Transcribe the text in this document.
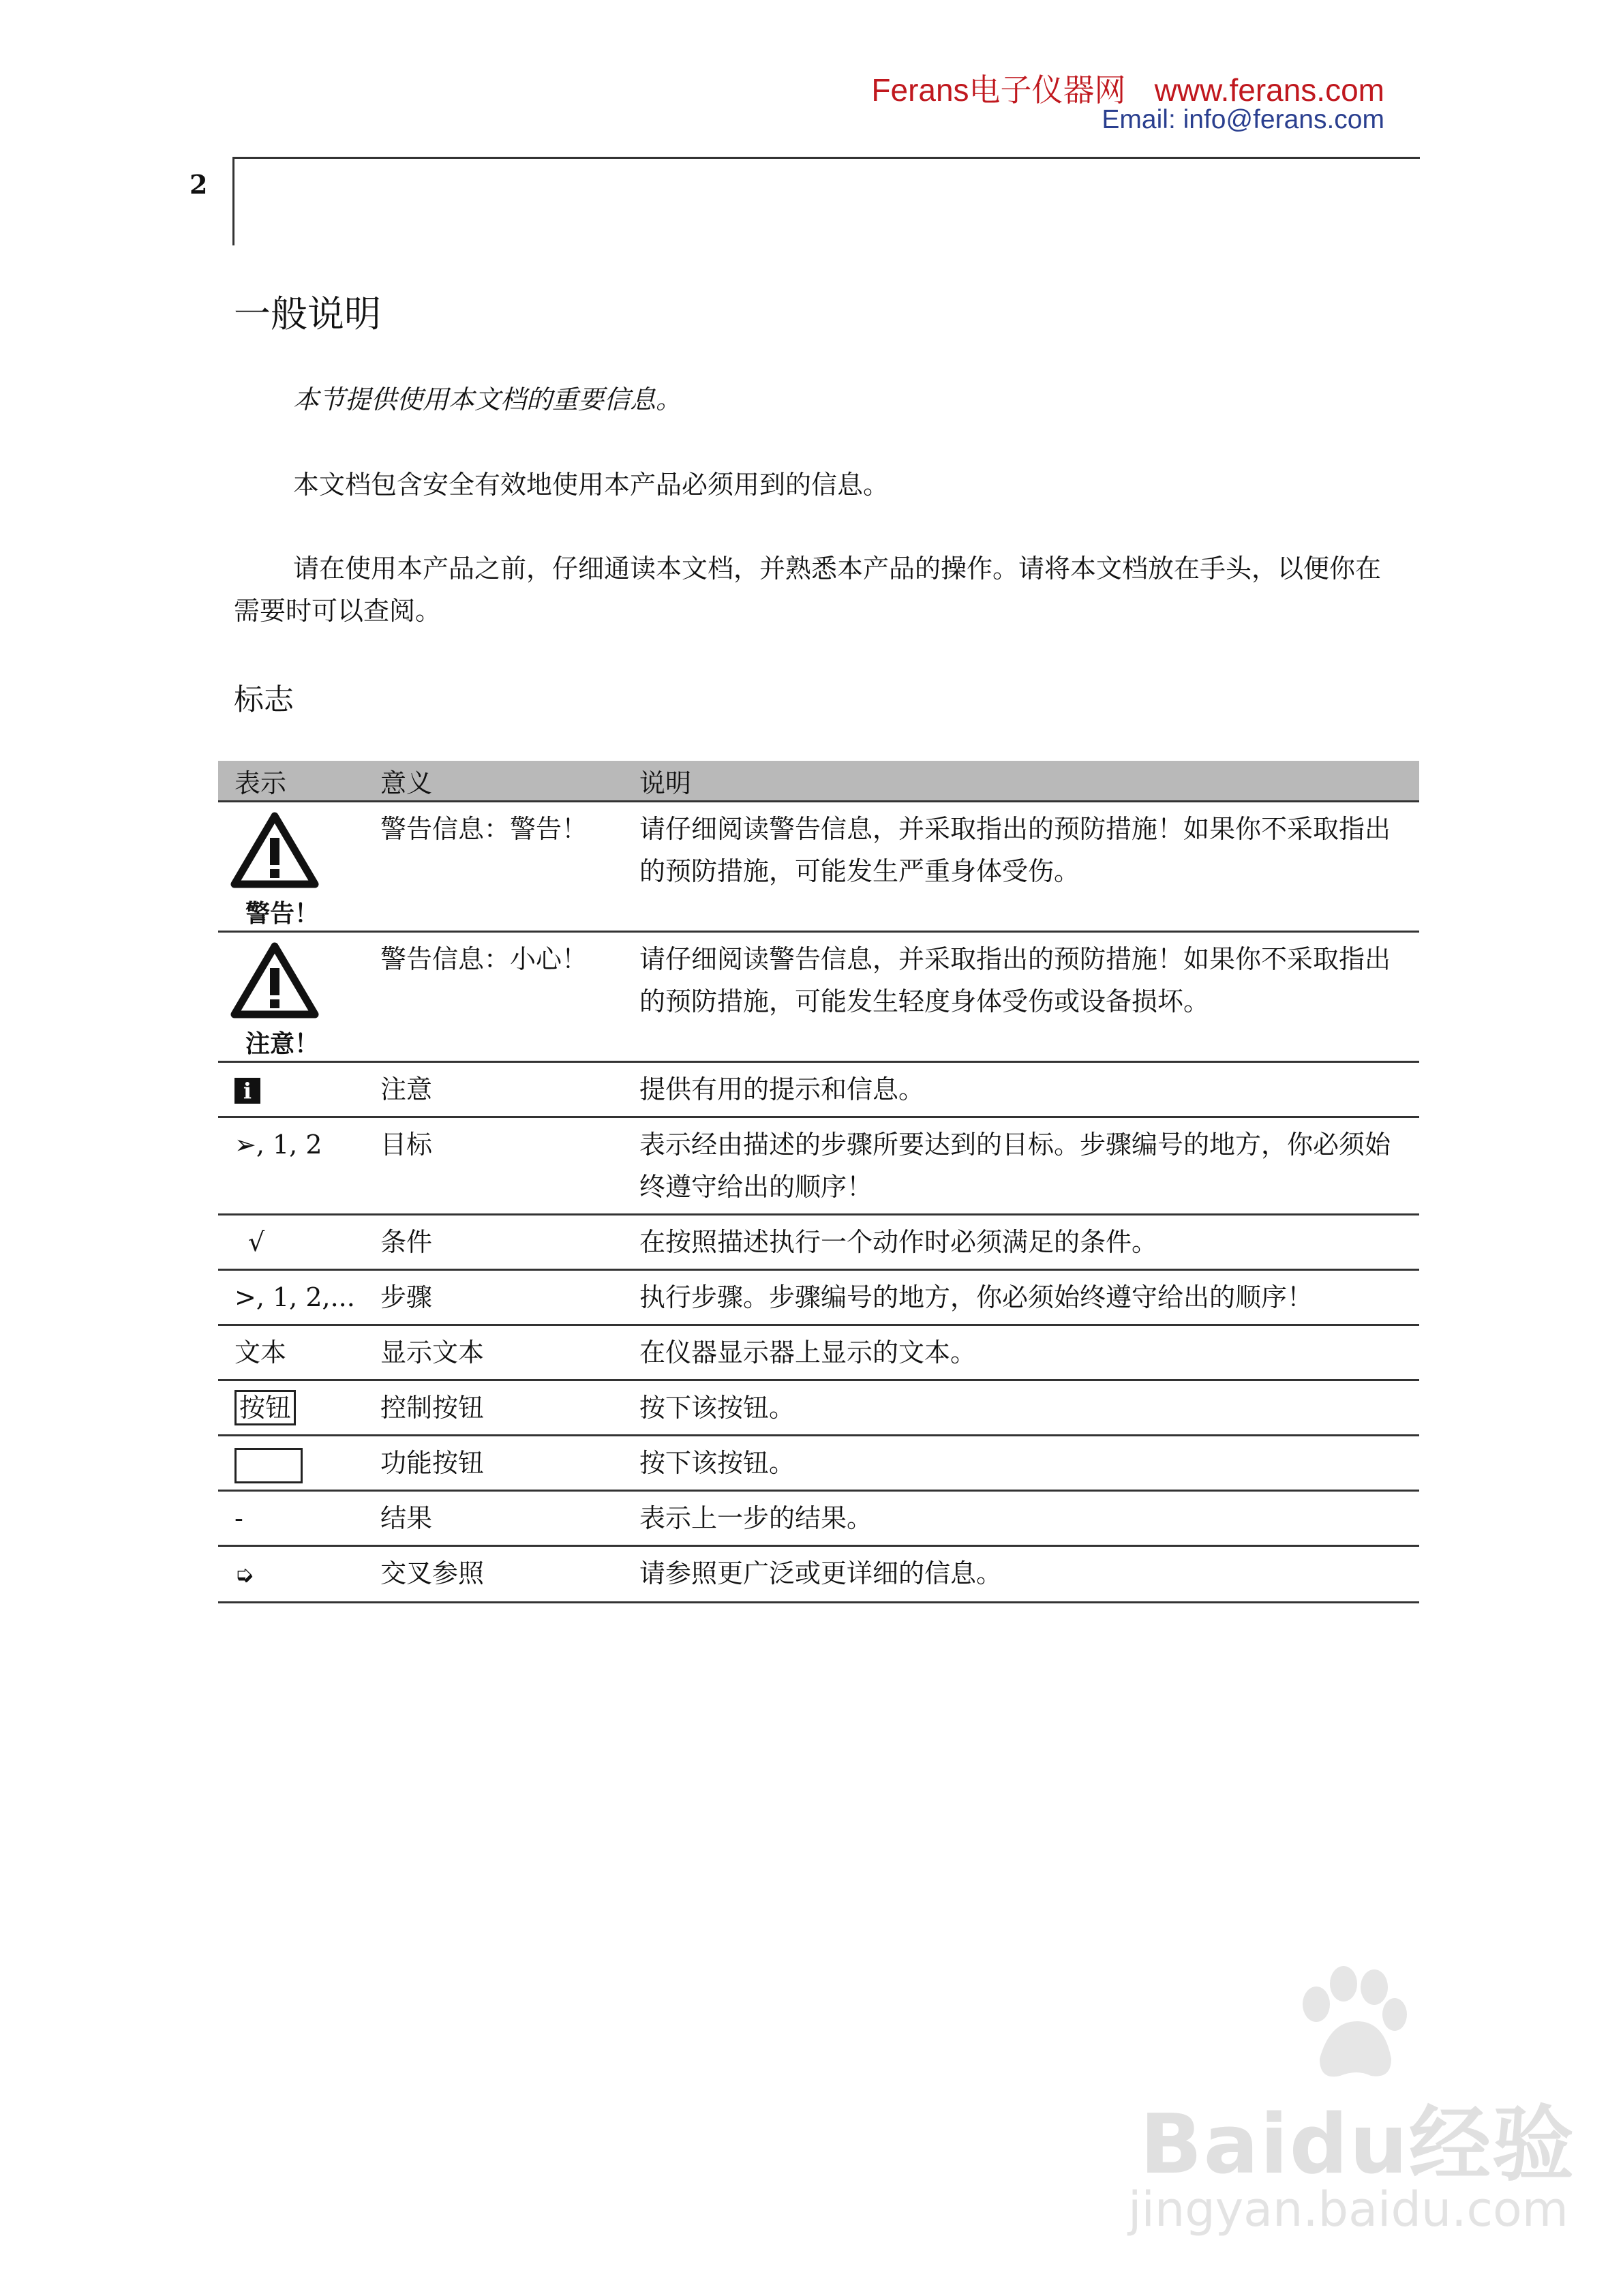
Ferans电子仪器网 www.ferans.com
Email: info@ferans.com
2
一般说明
本节提供使用本文档的重要信息。
本文档包含安全有效地使用本产品必须用到的信息。
请在使用本产品之前，仔细通读本文档，并熟悉本产品的操作。请将本文档放在手头，以便你在需要时可以查阅。
标志
表示	意义	说明

警告！	警告信息：警告！	请仔细阅读警告信息，并采取指出的预防措施！如果你不采取指出的预防措施，可能发生严重身体受伤。

注意！	警告信息：小心！	请仔细阅读警告信息，并采取指出的预防措施！如果你不采取指出的预防措施，可能发生轻度身体受伤或设备损坏。
i	注意	提供有用的提示和信息。
➢, 1, 2	目标	表示经由描述的步骤所要达到的目标。步骤编号的地方，你必须始终遵守给出的顺序！
√	条件	在按照描述执行一个动作时必须满足的条件。
>, 1, 2,...	步骤	执行步骤。步骤编号的地方，你必须始终遵守给出的顺序！
文本	显示文本	在仪器显示器上显示的文本。
按钮	控制按钮	按下该按钮。
	功能按钮	按下该按钮。
-	结果	表示上一步的结果。
➭	交叉参照	请参照更广泛或更详细的信息。
Baidu经验
jingyan.baidu.com
